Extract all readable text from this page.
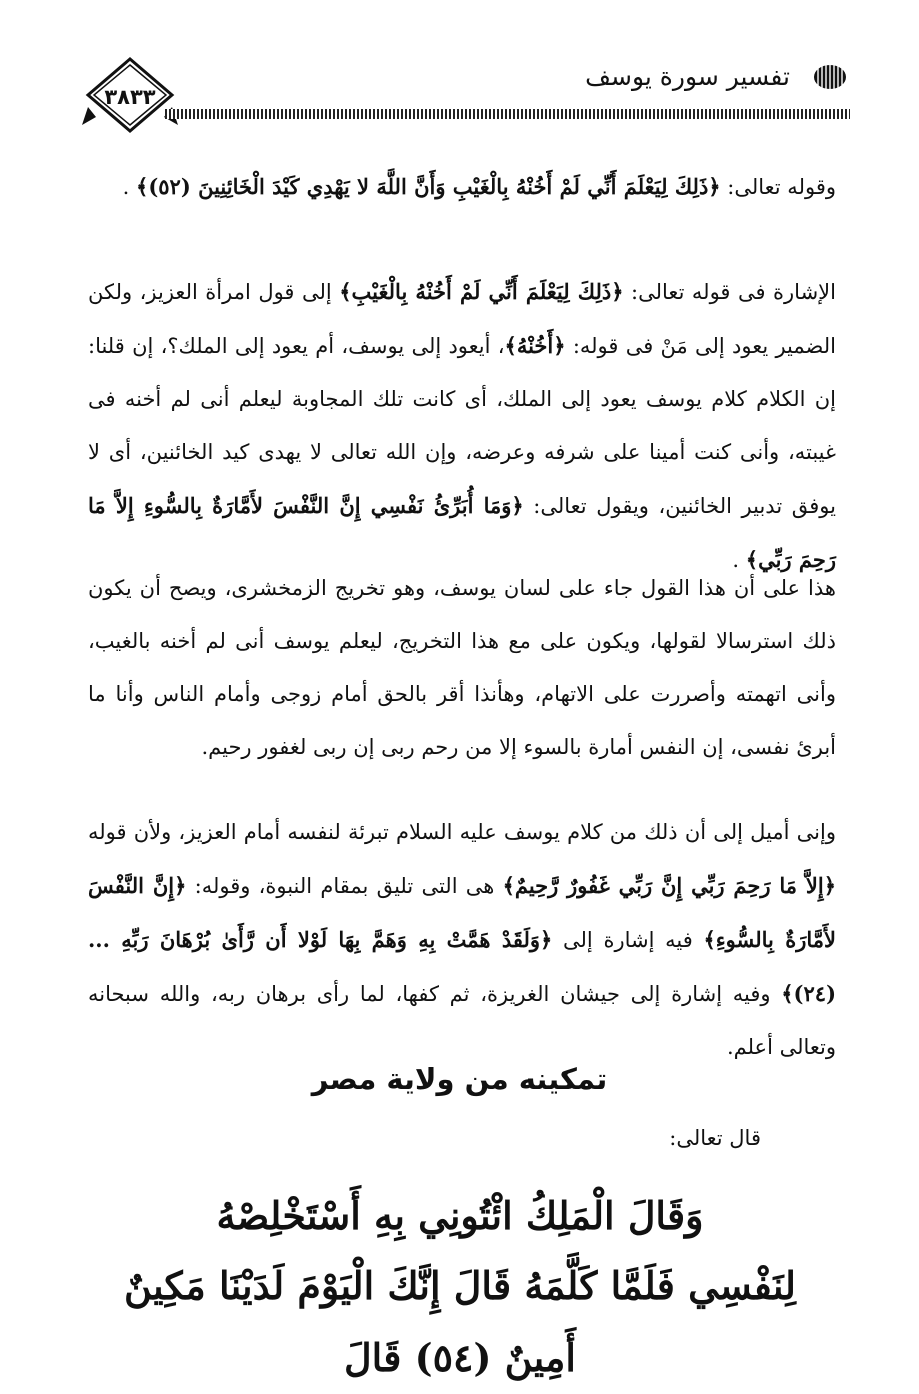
٣٨٣٣
تفسير سورة يوسف

وقوله تعالى: ﴿ذَلِكَ لِيَعْلَمَ أَنِّي لَمْ أَخُنْهُ بِالْغَيْبِ وَأَنَّ اللَّهَ لا يَهْدِي كَيْدَ الْخَائِنِينَ (٥٢)﴾ .

الإشارة فى قوله تعالى: ﴿ذَلِكَ لِيَعْلَمَ أَنِّي لَمْ أَخُنْهُ بِالْغَيْبِ﴾ إلى قول امرأة العزيز، ولكن الضمير يعود إلى مَنْ فى قوله: ﴿أَخُنْهُ﴾، أيعود إلى يوسف، أم يعود إلى الملك؟، إن قلنا: إن الكلام كلام يوسف يعود إلى الملك، أى كانت تلك المجاوبة ليعلم أنى لم أخنه فى غيبته، وأنى كنت أمينا على شرفه وعرضه، وإن الله تعالى لا يهدى كيد الخائنين، أى لا يوفق تدبير الخائنين، ويقول تعالى: ﴿وَمَا أُبَرِّئُ نَفْسِي إِنَّ النَّفْسَ لأَمَّارَةٌ بِالسُّوءِ إِلاَّ مَا رَحِمَ رَبِّي﴾ .

هذا على أن هذا القول جاء على لسان يوسف، وهو تخريج الزمخشرى، ويصح أن يكون ذلك استرسالا لقولها، ويكون على مع هذا التخريج، ليعلم يوسف أنى لم أخنه بالغيب، وأنى اتهمته وأصررت على الاتهام، وهأنذا أقر بالحق أمام زوجى وأمام الناس وأنا ما أبرئ نفسى، إن النفس أمارة بالسوء إلا من رحم ربى إن ربى لغفور رحيم.

وإنى أميل إلى أن ذلك من كلام يوسف عليه السلام تبرئة لنفسه أمام العزيز، ولأن قوله ﴿إِلاَّ مَا رَحِمَ رَبِّي إِنَّ رَبِّي غَفُورٌ رَّحِيمٌ﴾ هى التى تليق بمقام النبوة، وقوله: ﴿إِنَّ النَّفْسَ لأَمَّارَةٌ بِالسُّوءِ﴾ فيه إشارة إلى ﴿وَلَقَدْ هَمَّتْ بِهِ وَهَمَّ بِهَا لَوْلا أَن رَّأَىٰ بُرْهَانَ رَبِّهِ ... (٢٤)﴾ وفيه إشارة إلى جيشان الغريزة، ثم كفها، لما رأى برهان ربه، والله سبحانه وتعالى أعلم.

تمكينه من ولاية مصر
قال تعالى:
وَقَالَ الْمَلِكُ ائْتُونِي بِهِ أَسْتَخْلِصْهُ
لِنَفْسِي فَلَمَّا كَلَّمَهُ قَالَ إِنَّكَ الْيَوْمَ لَدَيْنَا مَكِينٌ أَمِينٌ (٥٤) قَالَ
